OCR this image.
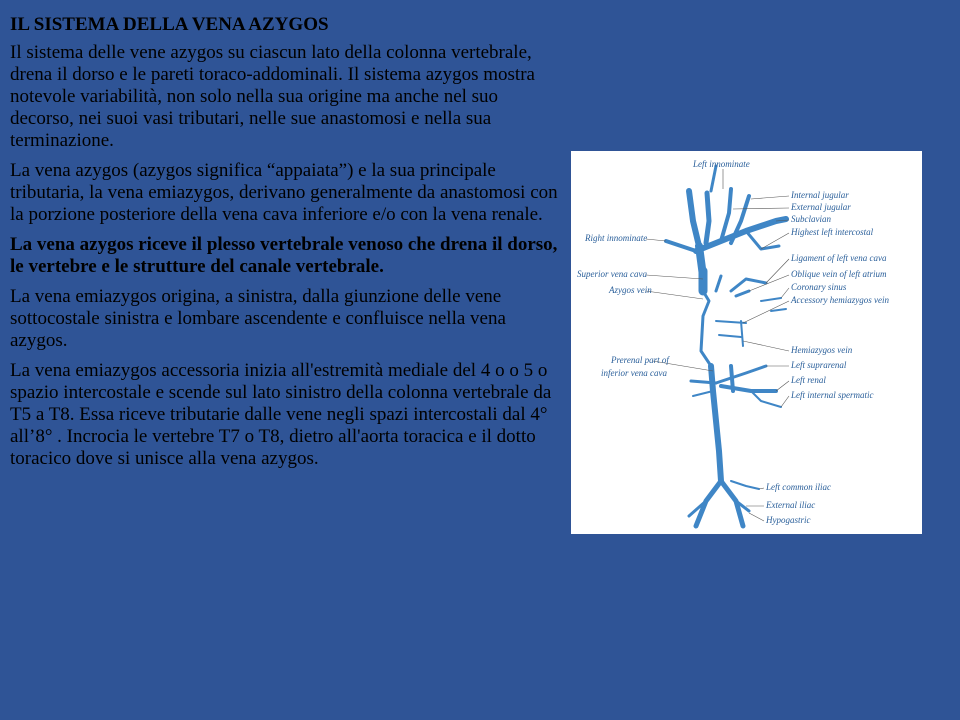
IL SISTEMA DELLA VENA AZYGOS

Il sistema delle vene azygos su ciascun lato della colonna vertebrale, drena il dorso e le pareti toraco-addominali. Il sistema azygos mostra notevole variabilità, non solo nella sua origine ma anche nel suo decorso, nei suoi vasi tributari, nelle sue anastomosi e nella sua terminazione.

La vena azygos (azygos significa “appaiata”) e la sua principale tributaria, la vena emiazygos, derivano generalmente da anastomosi con la porzione posteriore della vena cava inferiore e/o con la vena renale.

La vena azygos riceve il plesso vertebrale venoso che drena il dorso, le vertebre e le strutture del canale vertebrale.

La vena emiazygos origina, a sinistra, dalla giunzione delle vene sottocostale sinistra e lombare ascendente e confluisce nella vena azygos.

La vena emiazygos accessoria inizia all'estremità mediale del 4 o o 5 o spazio intercostale e scende sul lato sinistro della colonna vertebrale da T5 a T8. Essa riceve tributarie dalle vene negli spazi intercostali dal 4° all’8° . Incrocia le vertebre T7 o T8, dietro all'aorta toracica e il dotto toracico dove si unisce alla vena azygos.

Left innominate
Internal jugular
External jugular
Subclavian
Highest left intercostal
Right innominate
Ligament of left vena cava
Superior vena cava	Oblique vein of left atrium
Azygos vein	Coronary sinus
Accessory hemiazygos vein
Hemiazygos vein
Prerenal part of
inferior vena cava
Left suprarenal
Left renal
Left internal spermatic
Left common iliac
External iliac
Hypogastric
